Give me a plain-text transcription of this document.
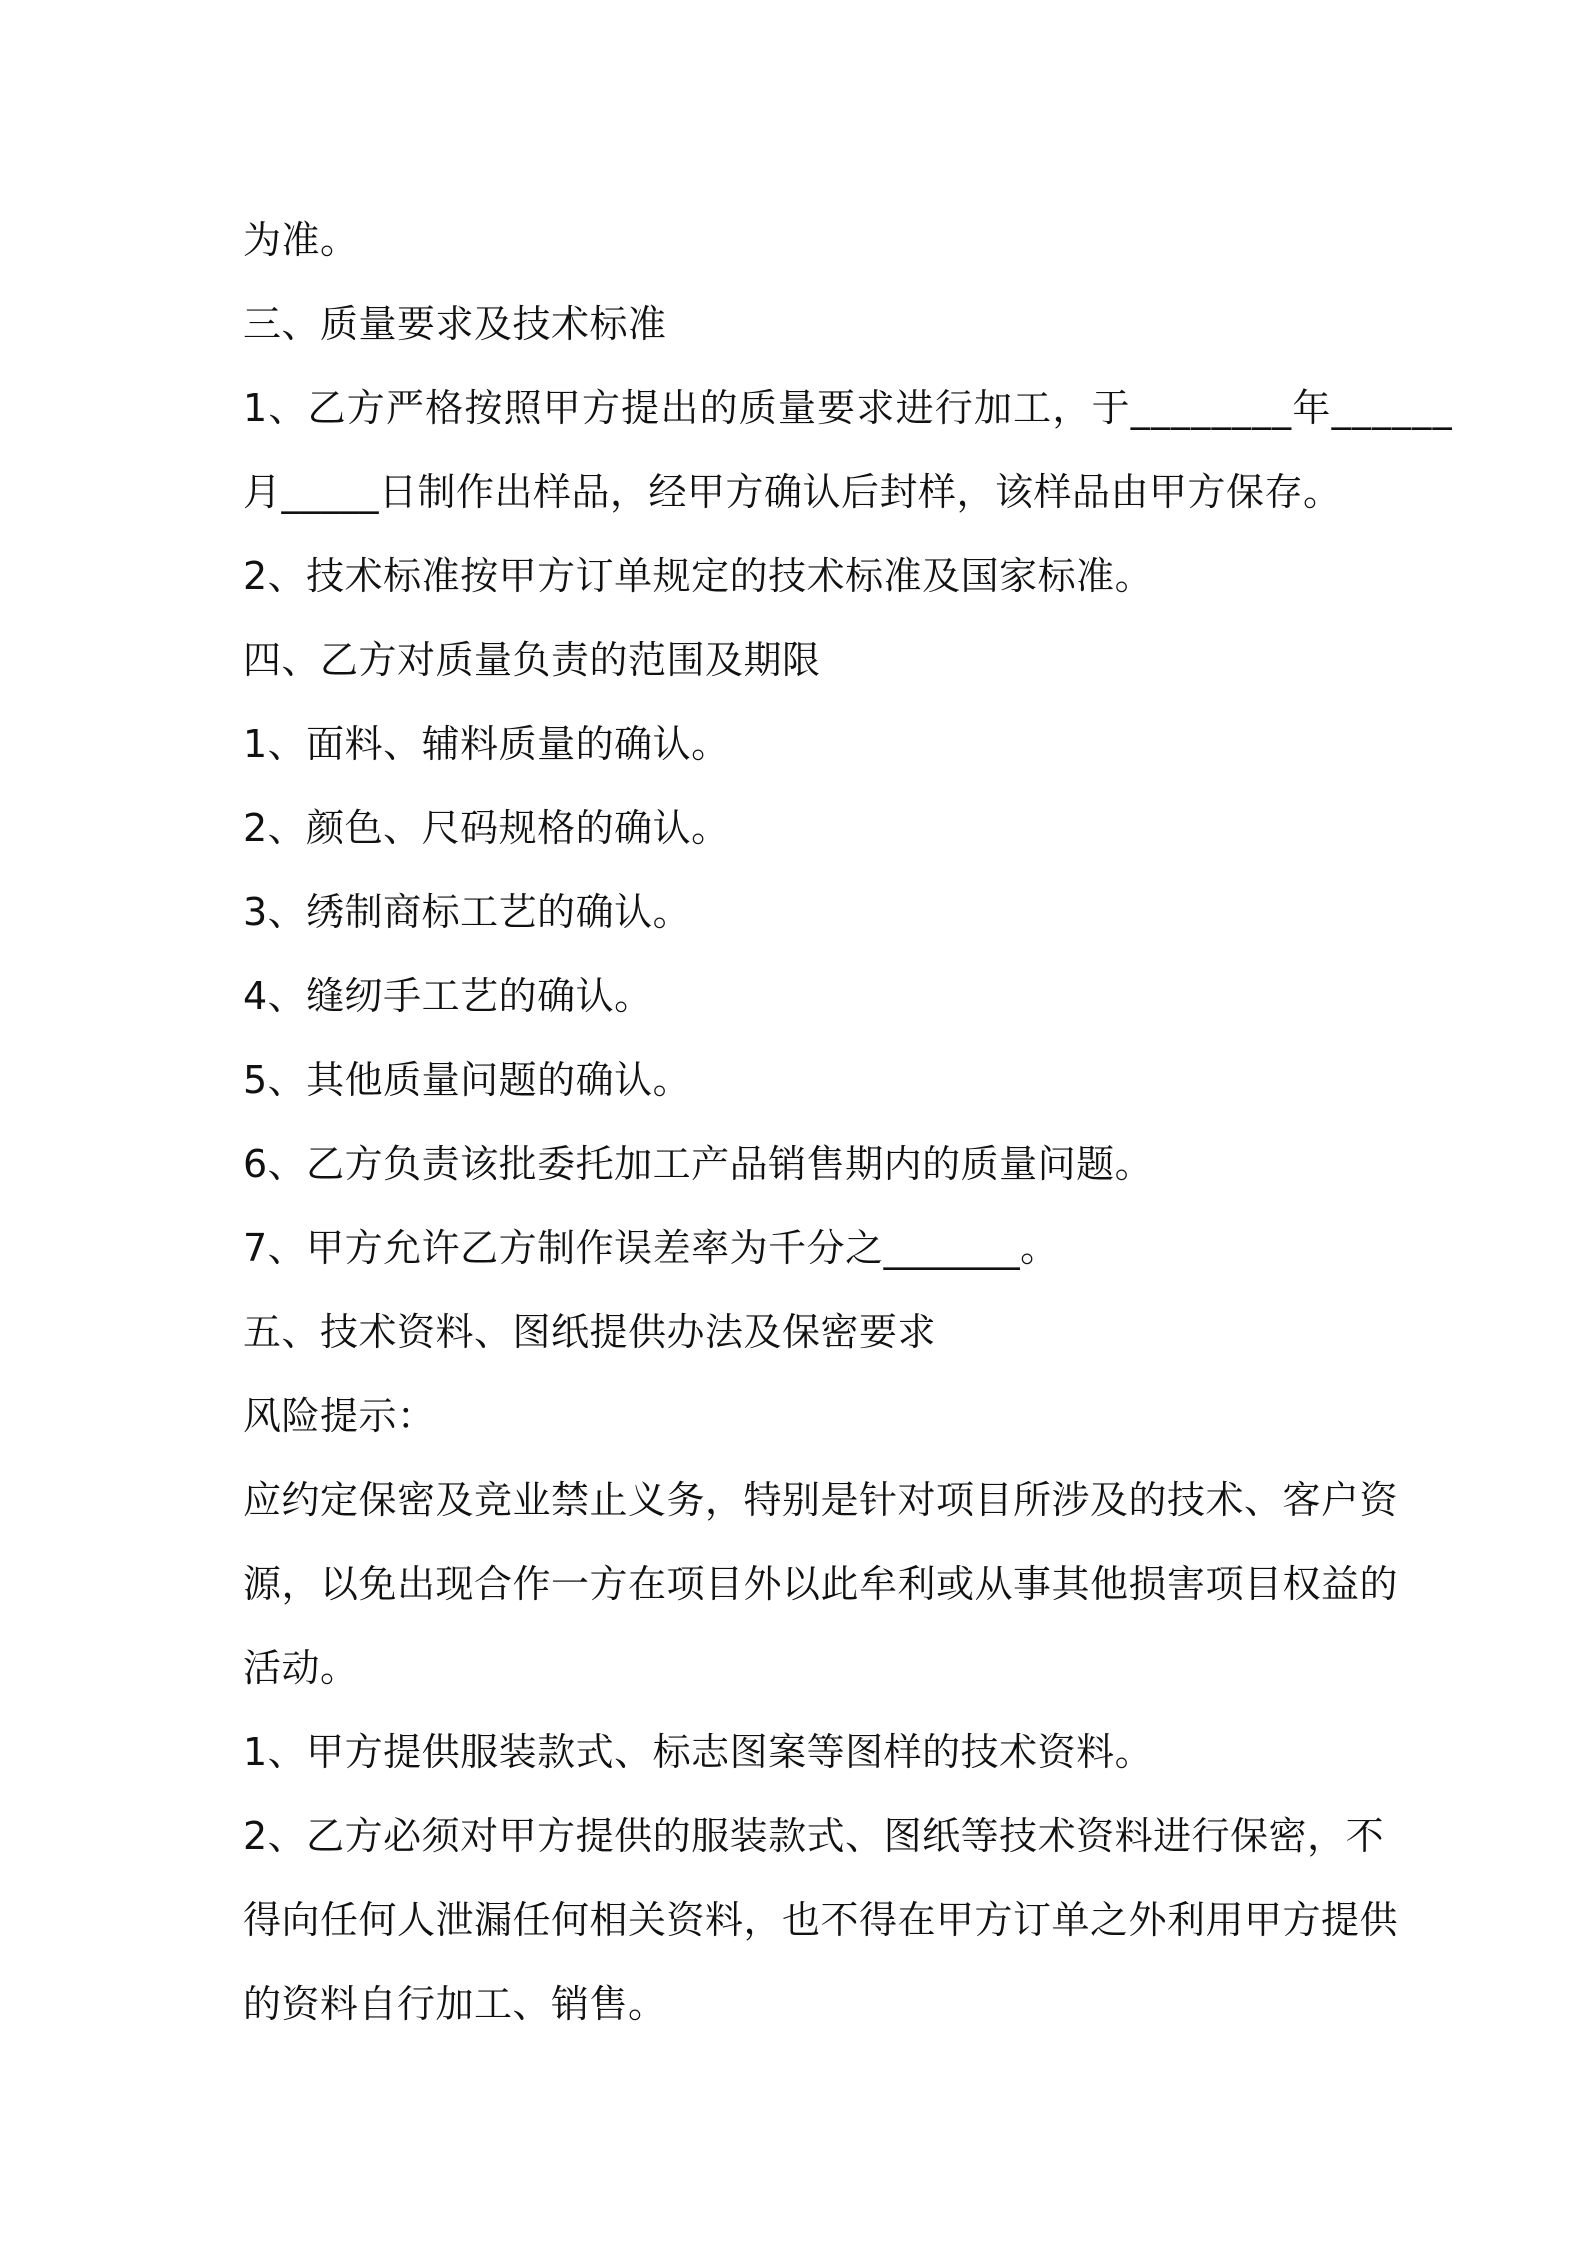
为准。
三、质量要求及技术标准
1、乙方严格按照甲方提出的质量要求进行加工，于________年______
月_____日制作出样品，经甲方确认后封样，该样品由甲方保存。
2、技术标准按甲方订单规定的技术标准及国家标准。
四、乙方对质量负责的范围及期限
1、面料、辅料质量的确认。
2、颜色、尺码规格的确认。
3、绣制商标工艺的确认。
4、缝纫手工艺的确认。
5、其他质量问题的确认。
6、乙方负责该批委托加工产品销售期内的质量问题。
7、甲方允许乙方制作误差率为千分之_______。
五、技术资料、图纸提供办法及保密要求
风险提示：
应约定保密及竞业禁止义务，特别是针对项目所涉及的技术、客户资
源，以免出现合作一方在项目外以此牟利或从事其他损害项目权益的
活动。
1、甲方提供服装款式、标志图案等图样的技术资料。
2、乙方必须对甲方提供的服装款式、图纸等技术资料进行保密，不
得向任何人泄漏任何相关资料，也不得在甲方订单之外利用甲方提供
的资料自行加工、销售。
